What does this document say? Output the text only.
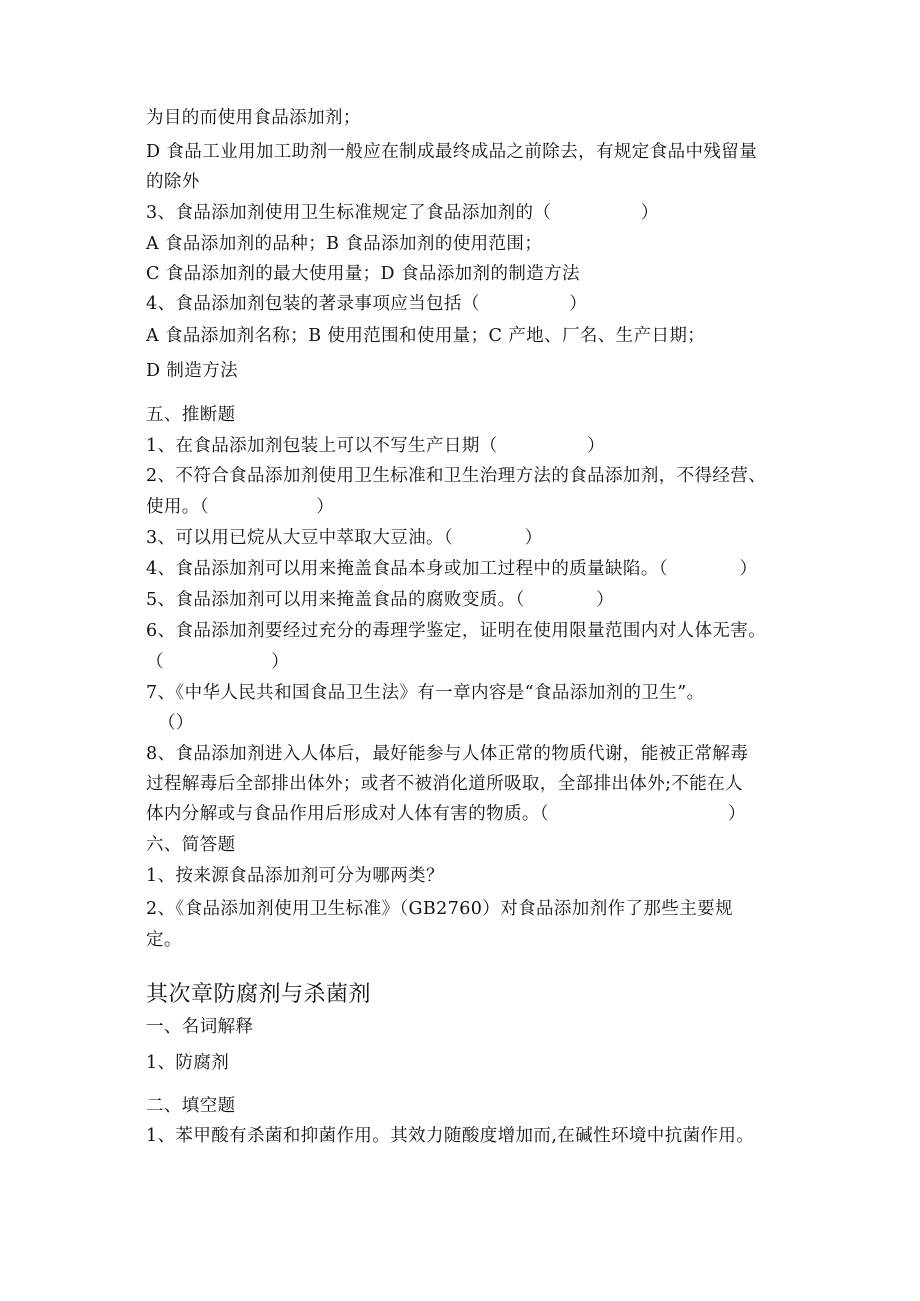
为目的而使用食品添加剂；
D 食品工业用加工助剂一般应在制成最终成品之前除去，有规定食品中残留量
的除外
3、食品添加剂使用卫生标准规定了食品添加剂的（　　　　　）
A 食品添加剂的品种；B 食品添加剂的使用范围；
C 食品添加剂的最大使用量；D 食品添加剂的制造方法
4、食品添加剂包装的著录事项应当包括（　　　　　）
A 食品添加剂名称；B 使用范围和使用量；C 产地、厂名、生产日期；
D 制造方法
五、推断题
1、在食品添加剂包装上可以不写生产日期（　　　　　）
2、不符合食品添加剂使用卫生标准和卫生治理方法的食品添加剂，不得经营、
使用。（　　　　　　）
3、可以用已烷从大豆中萃取大豆油。（　　　　）
4、食品添加剂可以用来掩盖食品本身或加工过程中的质量缺陷。（　　　　）
5、食品添加剂可以用来掩盖食品的腐败变质。（　　　　）
6、食品添加剂要经过充分的毒理学鉴定，证明在使用限量范围内对人体无害。
（　　　　　　）
7、《中华人民共和国食品卫生法》有一章内容是“食品添加剂的卫生”。
（）
8、食品添加剂进入人体后，最好能参与人体正常的物质代谢，能被正常解毒
过程解毒后全部排出体外；或者不被消化道所吸取，全部排出体外;不能在人
体内分解或与食品作用后形成对人体有害的物质。（　　　　　　　　　　）
六、简答题
1、按来源食品添加剂可分为哪两类？
2、《食品添加剂使用卫生标准》（GB2760）对食品添加剂作了那些主要规
定。
其次章防腐剂与杀菌剂
一、名词解释
1、防腐剂
二、填空题
1、苯甲酸有杀菌和抑菌作用。其效力随酸度增加而,在碱性环境中抗菌作用。
